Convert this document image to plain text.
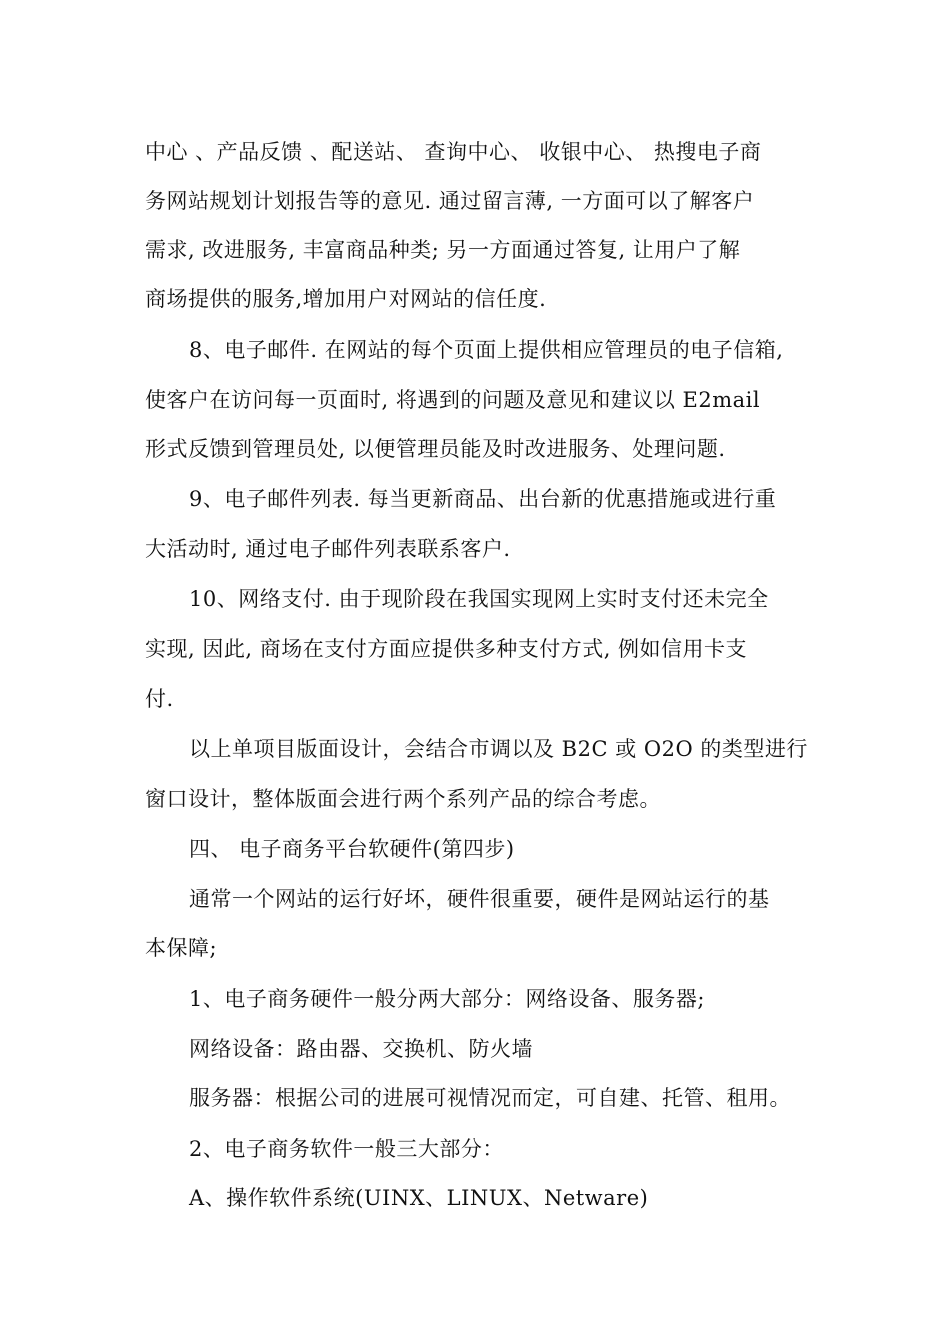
中心 、产品反馈 、配送站、 查询中心、 收银中心、 热搜电子商
务网站规划计划报告等的意见. 通过留言薄, 一方面可以了解客户
需求, 改进服务, 丰富商品种类; 另一方面通过答复, 让用户了解
商场提供的服务,增加用户对网站的信任度.
8、电子邮件. 在网站的每个页面上提供相应管理员的电子信箱,
使客户在访问每一页面时, 将遇到的问题及意见和建议以 E2mail
形式反馈到管理员处, 以便管理员能及时改进服务、处理问题.
9、电子邮件列表. 每当更新商品、出台新的优惠措施或进行重
大活动时, 通过电子邮件列表联系客户.
10、网络支付. 由于现阶段在我国实现网上实时支付还未完全
实现, 因此, 商场在支付方面应提供多种支付方式, 例如信用卡支
付.
以上单项目版面设计，会结合市调以及 B2C 或 O2O 的类型进行
窗口设计，整体版面会进行两个系列产品的综合考虑。
四、 电子商务平台软硬件(第四步)
通常一个网站的运行好坏，硬件很重要，硬件是网站运行的基
本保障;
1、电子商务硬件一般分两大部分：网络设备、服务器;
网络设备：路由器、交换机、防火墙
服务器：根据公司的进展可视情况而定，可自建、托管、租用。
2、电子商务软件一般三大部分：
A、操作软件系统(UINX、LINUX、Netware)
